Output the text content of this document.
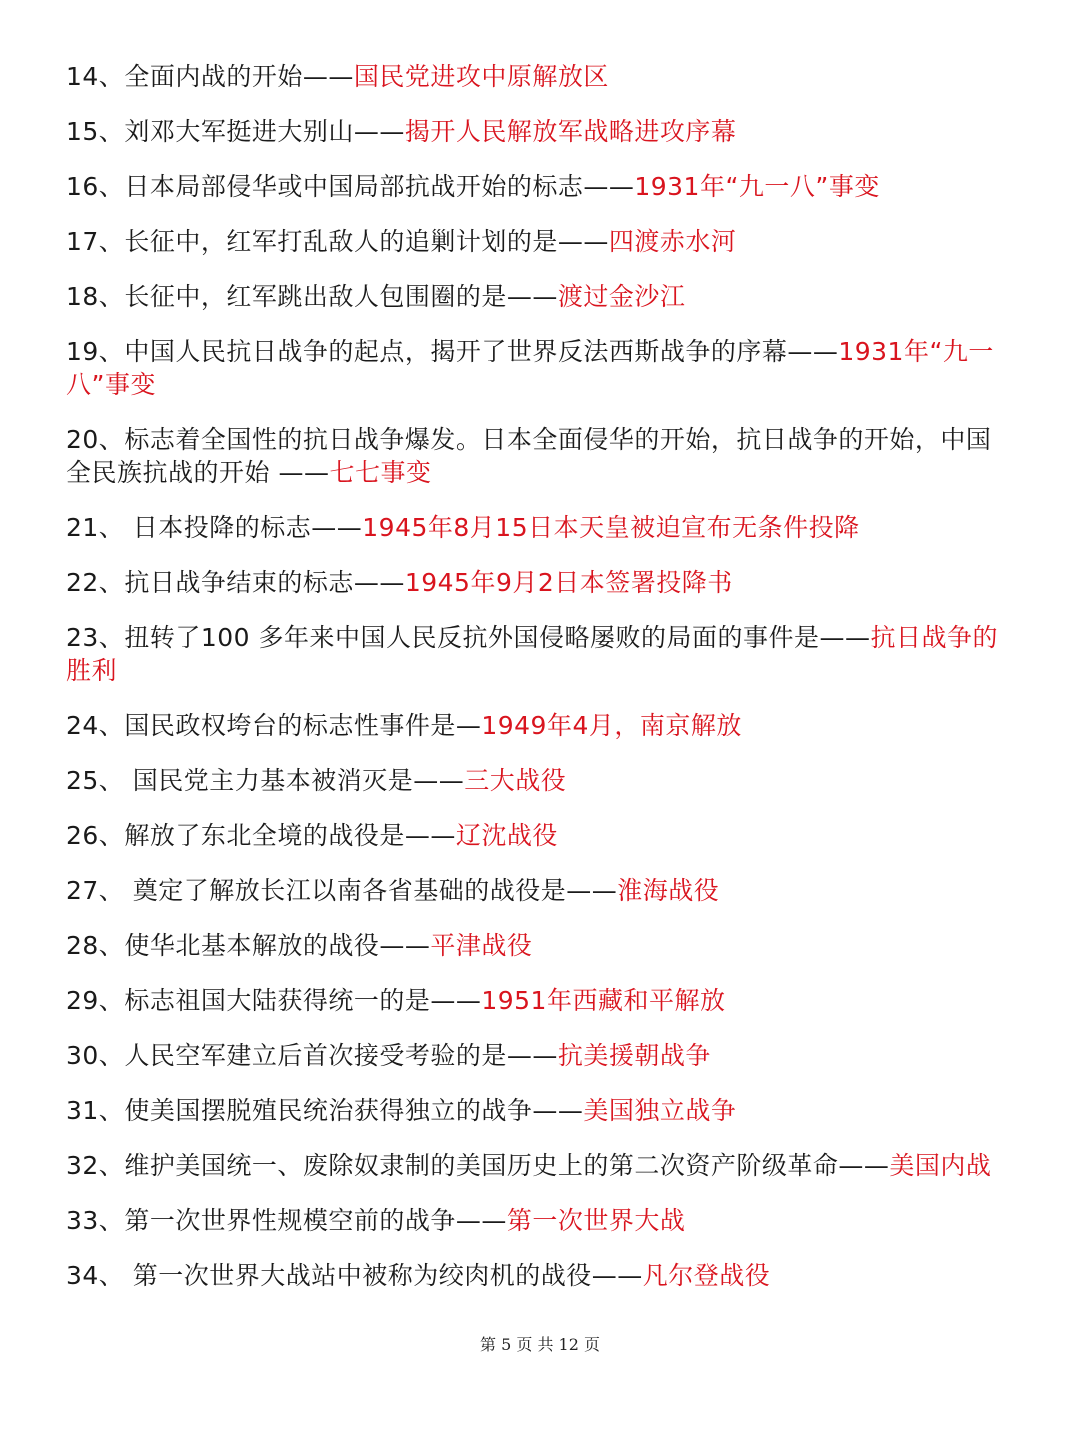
14、全面内战的开始——国民党进攻中原解放区
15、刘邓大军挺进大别山——揭开人民解放军战略进攻序幕
16、日本局部侵华或中国局部抗战开始的标志——1931年“九一八”事变
17、长征中，红军打乱敌人的追剿计划的是——四渡赤水河
18、长征中，红军跳出敌人包围圈的是——渡过金沙江
19、中国人民抗日战争的起点，揭开了世界反法西斯战争的序幕——1931年“九一八”事变
20、标志着全国性的抗日战争爆发。日本全面侵华的开始，抗日战争的开始，中国全民族抗战的开始 ——七七事变
21、 日本投降的标志——1945年8月15日本天皇被迫宣布无条件投降
22、抗日战争结束的标志——1945年9月2日本签署投降书
23、扭转了100 多年来中国人民反抗外国侵略屡败的局面的事件是——抗日战争的胜利
24、国民政权垮台的标志性事件是—1949年4月，南京解放
25、 国民党主力基本被消灭是——三大战役
26、解放了东北全境的战役是——辽沈战役
27、 奠定了解放长江以南各省基础的战役是——淮海战役
28、使华北基本解放的战役——平津战役
29、标志祖国大陆获得统一的是——1951年西藏和平解放
30、人民空军建立后首次接受考验的是——抗美援朝战争
31、使美国摆脱殖民统治获得独立的战争——美国独立战争
32、维护美国统一、废除奴隶制的美国历史上的第二次资产阶级革命——美国内战
33、第一次世界性规模空前的战争——第一次世界大战
34、 第一次世界大战站中被称为绞肉机的战役——凡尔登战役
第 5 页 共 12 页
